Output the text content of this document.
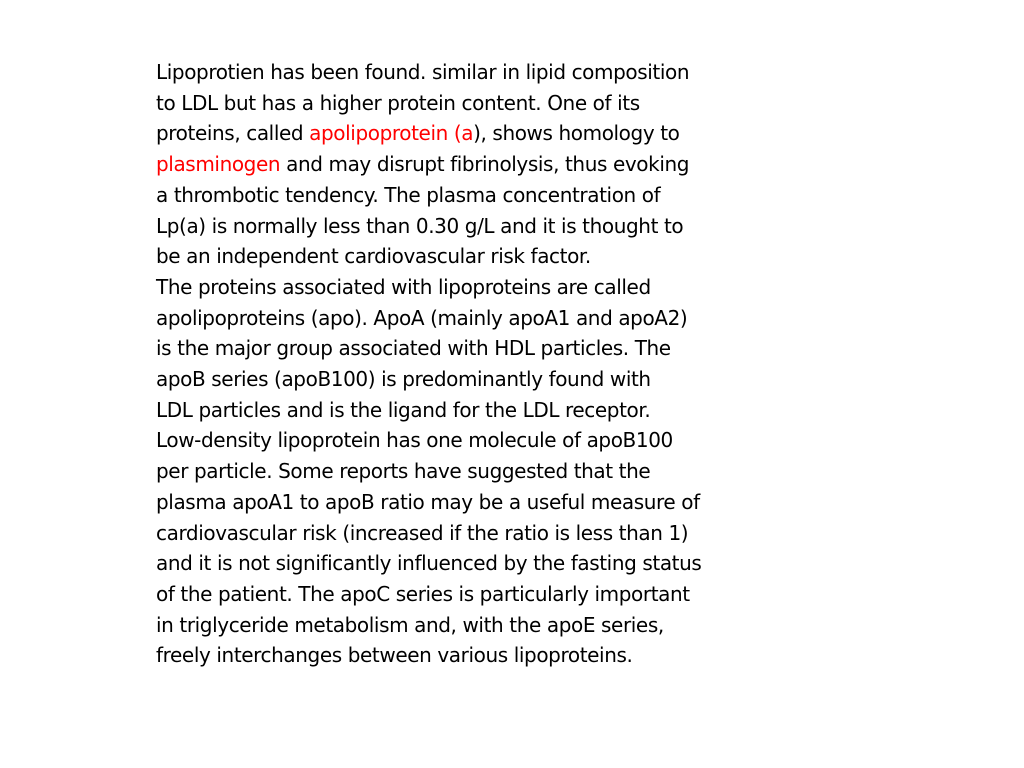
Lipoprotien has been found. similar in lipid composition
to LDL but has a higher protein content. One of its
proteins, called apolipoprotein (a), shows homology to
plasminogen and may disrupt fibrinolysis, thus evoking
a thrombotic tendency. The plasma concentration of
Lp(a) is normally less than 0.30 g/L and it is thought to
be an independent cardiovascular risk factor.
The proteins associated with lipoproteins are called
apolipoproteins (apo). ApoA (mainly apoA1 and apoA2)
is the major group associated with HDL particles. The
apoB series (apoB100) is predominantly found with
LDL particles and is the ligand for the LDL receptor.
Low-density lipoprotein has one molecule of apoB100
per particle. Some reports have suggested that the
plasma apoA1 to apoB ratio may be a useful measure of
cardiovascular risk (increased if the ratio is less than 1)
and it is not significantly influenced by the fasting status
of the patient. The apoC series is particularly important
in triglyceride metabolism and, with the apoE series,
freely interchanges between various lipoproteins.
